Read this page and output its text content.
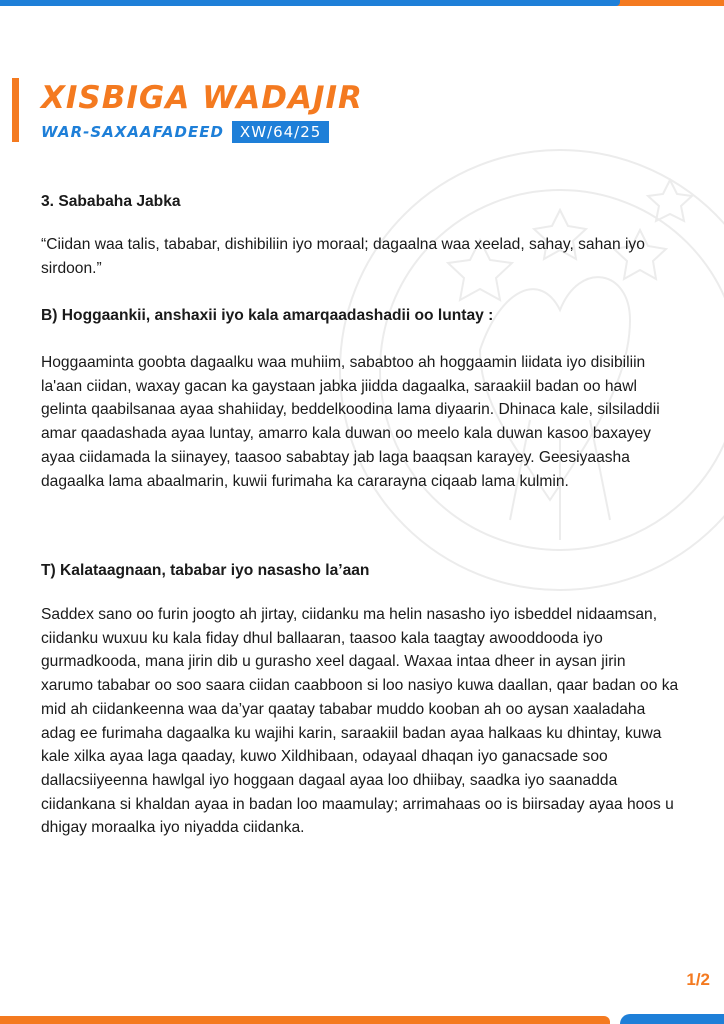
XISBIGA WADAJIR
WAR-SAXAAFADEED	XW/64/25

3. Sababaha Jabka

“Ciidan waa talis, tababar, dishibiliin iyo moraal; dagaalna waa xeelad, sahay, sahan iyo sirdoon.”

B) Hoggaankii, anshaxii iyo kala amarqaadashadii oo luntay :

Hoggaaminta goobta dagaalku waa muhiim, sababtoo ah hoggaamin liidata iyo disibiliin la'aan ciidan, waxay gacan ka gaystaan jabka jiidda dagaalka, saraakiil badan oo hawl gelinta qaabilsanaa ayaa shahiiday, beddelkoodina lama diyaarin. Dhinaca kale, silsiladdii amar qaadashada ayaa luntay, amarro kala duwan oo meelo kala duwan kasoo baxayey ayaa ciidamada la siinayey, taasoo sababtay jab laga baaqsan karayey. Geesiyaasha dagaalka lama abaalmarin, kuwii furimaha ka cararayna ciqaab lama kulmin.

T) Kalataagnaan, tababar iyo nasasho la’aan

Saddex sano oo furin joogto ah jirtay, ciidanku ma helin nasasho iyo isbeddel nidaamsan, ciidanku wuxuu ku kala fiday dhul ballaaran, taasoo kala taagtay awooddooda iyo gurmadkooda, mana jirin dib u gurasho xeel dagaal. Waxaa intaa dheer in aysan jirin xarumo tababar oo soo saara ciidan caabboon si loo nasiyo kuwa daallan, qaar badan oo ka mid ah ciidankeenna waa da’yar qaatay tababar muddo kooban ah oo aysan xaaladaha adag ee furimaha dagaalka ku wajihi karin, saraakiil badan ayaa halkaas ku dhintay, kuwa kale xilka ayaa laga qaaday, kuwo Xildhibaan, odayaal dhaqan iyo ganacsade soo dallacsiiyeenna hawlgal iyo hoggaan dagaal ayaa loo dhiibay, saadka iyo saanadda ciidankana si khaldan ayaa in badan loo maamulay; arrimahaas oo is biirsaday ayaa hoos u dhigay moraalka iyo niyadda ciidanka.

1/2
